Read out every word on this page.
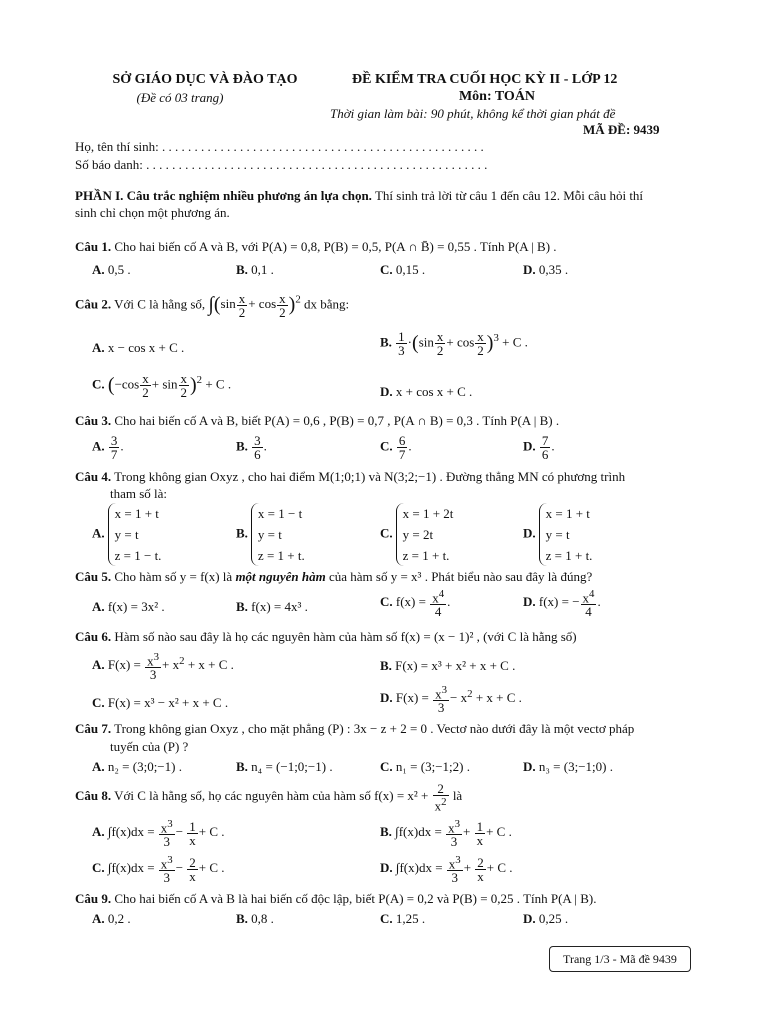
SỞ GIÁO DỤC VÀ ĐÀO TẠO
(Đề có 03 trang)
ĐỀ KIỂM TRA CUỐI HỌC KỲ II - LỚP 12
Môn: TOÁN
Thời gian làm bài: 90 phút, không kể thời gian phát đề
MÃ ĐỀ: 9439
Họ, tên thí sinh: . . . . . . . . . . . . . . . . . . . . . . . . . . . . . . . . . . . . . . . . . . . . . . . . . .
Số báo danh: . . . . . . . . . . . . . . . . . . . . . . . . . . . . . . . . . . . . . . . . . . . . . . . . . . . . .
PHẦN I. Câu trắc nghiệm nhiều phương án lựa chọn. Thí sinh trả lời từ câu 1 đến câu 12. Mỗi câu hỏi thí
sinh chỉ chọn một phương án.
Câu 1. Cho hai biến cố A và B, với P(A) = 0,8, P(B) = 0,5, P(A ∩ B̄) = 0,55 . Tính P(A | B) .
A. 0,5 .	B. 0,1 .	C. 0,15 .	D. 0,35 .
Câu 2. Với C là hằng số, $\int(\sin \frac{x}{2} + \cos \frac{x}{2} )^2$ dx bằng:
A. x − cos x + C .	B. $\frac{1}{3} \cdot(\sin \frac{x}{2} + \cos \frac{x}{2} )^3 + C$ .
C. $(-\cos \frac{x}{2} + \sin \frac{x}{2} )^2 + C$ .
D. x + cos x + C .
Câu 3. Cho hai biến cố A và B, biết P(A) = 0,6 , P(B) = 0,7 , P(A ∩ B) = 0,3 . Tính P(A | B) .
A. $\frac{3}{7}$ .	B. $\frac{3}{6}$ .	C. $\frac{6}{7}$ .	D. $\frac{7}{6}$ .
Câu 4. Trong không gian Oxyz , cho hai điểm M(1;0;1) và N(3;2;−1) . Đường thẳng MN có phương trình
tham số là:
A.
x = 1 + t
y = t
z = 1 − t.
B.
x = 1 − t
y = t
z = 1 + t.
C.
x = 1 + 2t
y = 2t
z = 1 + t.
D.
x = 1 + t
y = t
z = 1 + t.
Câu 5. Cho hàm số y = f(x) là một nguyên hàm của hàm số y = x³ . Phát biểu nào sau đây là đúng?
A. f(x) = 3x² .	B. f(x) = 4x³ .	C. $f(x) = \frac{x^4}{4}$ .	D. f(x) = − $\frac{x^4}{4}$ .
Câu 6. Hàm số nào sau đây là họ các nguyên hàm của hàm số f(x) = (x − 1)² , (với C là hằng số)
A. $F(x) = \frac{x^3}{3} + x^2 + x + C$ .	B. F(x) = x³ + x² + x + C .
C. F(x) = x³ − x² + x + C .	D. $F(x) = \frac{x^3}{3} - x^2 + x + C$ .
Câu 7. Trong không gian Oxyz , cho mặt phẳng (P) : 3x − z + 2 = 0 . Vectơ nào dưới đây là một vectơ pháp
tuyến của (P) ?
A. n₂ = (3;0;−1) .	B. n₄ = (−1;0;−1) .	C. n₁ = (3;−1;2) .	D. n₃ = (3;−1;0) .
Câu 8. Với C là hằng số, họ các nguyên hàm của hàm số $f(x) = x^2 + \frac{2}{x^2}$ là
A. $\int f(x)dx = \frac{x^3}{3} - \frac{1}{x} + C$ .	B. $\int f(x)dx = \frac{x^3}{3} + \frac{1}{x} + C$ .
C. $\int f(x)dx = \frac{x^3}{3} - \frac{2}{x} + C$ .	D. $\int f(x)dx = \frac{x^3}{3} + \frac{2}{x} + C$ .
Câu 9. Cho hai biến cố A và B là hai biến cố độc lập, biết P(A) = 0,2 và P(B) = 0,25 . Tính P(A | B).
A. 0,2 .	B. 0,8 .	C. 1,25 .	D. 0,25 .
Trang 1/3 - Mã đề 9439
